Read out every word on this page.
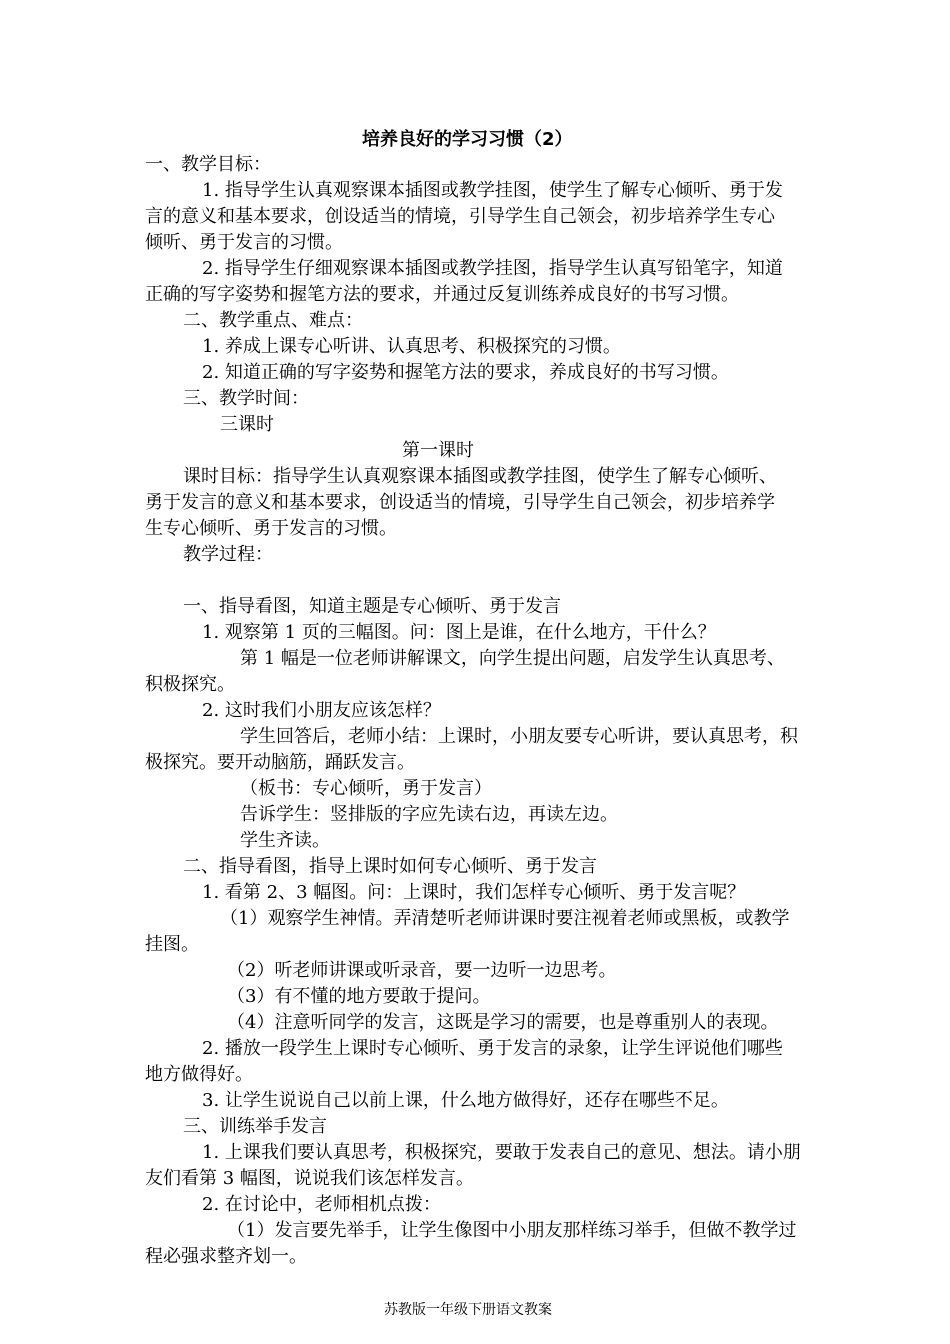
培养良好的学习习惯（2）
一、教学目标：
1. 指导学生认真观察课本插图或教学挂图，使学生了解专心倾听、勇于发
言的意义和基本要求，创设适当的情境，引导学生自己领会，初步培养学生专心
倾听、勇于发言的习惯。
2. 指导学生仔细观察课本插图或教学挂图，指导学生认真写铅笔字，知道
正确的写字姿势和握笔方法的要求，并通过反复训练养成良好的书写习惯。
二、教学重点、难点：
1. 养成上课专心听讲、认真思考、积极探究的习惯。
2. 知道正确的写字姿势和握笔方法的要求，养成良好的书写习惯。
三、教学时间：
三课时
第一课时
课时目标：指导学生认真观察课本插图或教学挂图，使学生了解专心倾听、
勇于发言的意义和基本要求，创设适当的情境，引导学生自己领会，初步培养学
生专心倾听、勇于发言的习惯。
教学过程：
一、指导看图，知道主题是专心倾听、勇于发言
1. 观察第 1 页的三幅图。问：图上是谁，在什么地方，干什么？
第 1 幅是一位老师讲解课文，向学生提出问题，启发学生认真思考、
积极探究。
2. 这时我们小朋友应该怎样？
学生回答后，老师小结：上课时，小朋友要专心听讲，要认真思考，积
极探究。要开动脑筋，踊跃发言。
（板书：专心倾听，勇于发言）
告诉学生：竖排版的字应先读右边，再读左边。
学生齐读。
二、指导看图，指导上课时如何专心倾听、勇于发言
1. 看第 2、3 幅图。问：上课时，我们怎样专心倾听、勇于发言呢？
（1）观察学生神情。弄清楚听老师讲课时要注视着老师或黑板，或教学
挂图。
（2）听老师讲课或听录音，要一边听一边思考。
（3）有不懂的地方要敢于提问。
（4）注意听同学的发言，这既是学习的需要，也是尊重别人的表现。
2. 播放一段学生上课时专心倾听、勇于发言的录象，让学生评说他们哪些
地方做得好。
3. 让学生说说自己以前上课，什么地方做得好，还存在哪些不足。
三、训练举手发言
1. 上课我们要认真思考，积极探究，要敢于发表自己的意见、想法。请小朋
友们看第 3 幅图，说说我们该怎样发言。
2. 在讨论中，老师相机点拨：
（1）发言要先举手，让学生像图中小朋友那样练习举手，但做不教学过
程必强求整齐划一。
苏教版一年级下册语文教案
